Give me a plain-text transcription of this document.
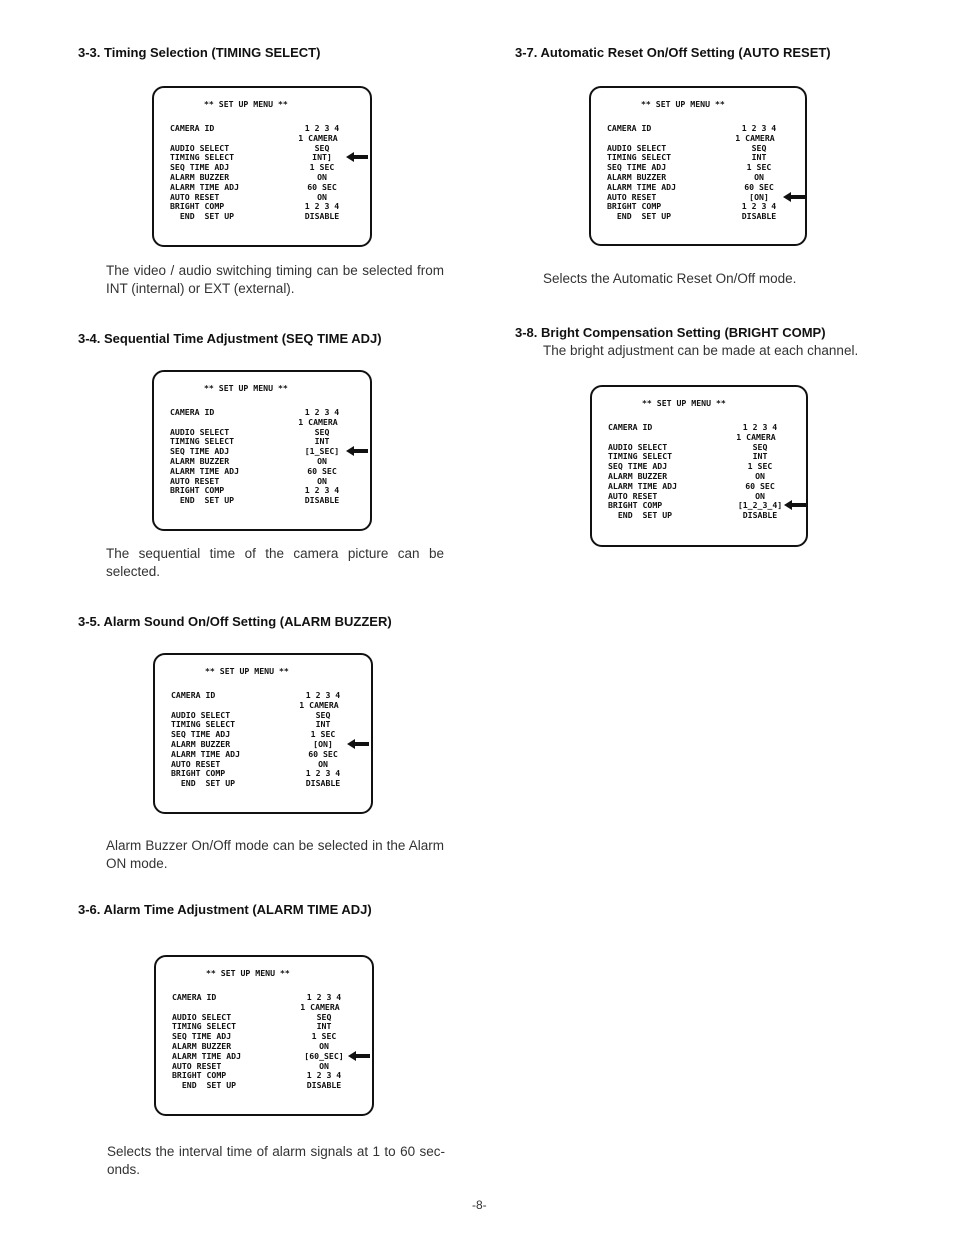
3-3. Timing Selection (TIMING SELECT)
** SET UP MENU **
CAMERA ID	1 2 3 4
1 CAMERA
AUDIO SELECT	SEQ
TIMING SELECT	INT]
SEQ TIME ADJ	1 SEC
ALARM BUZZER	ON
ALARM TIME ADJ	60 SEC
AUTO RESET	ON
BRIGHT COMP	1 2 3 4
END  SET UP	DISABLE
The video / audio switching timing can be selected from INT (internal) or EXT (external).
3-4. Sequential Time Adjustment (SEQ TIME ADJ)
** SET UP MENU **
CAMERA ID	1 2 3 4
1 CAMERA
AUDIO SELECT	SEQ
TIMING SELECT	INT
SEQ TIME ADJ	[1_SEC]
ALARM BUZZER	ON
ALARM TIME ADJ	60 SEC
AUTO RESET	ON
BRIGHT COMP	1 2 3 4
END  SET UP	DISABLE
The sequential time of the camera picture can be selected.
3-5. Alarm Sound On/Off Setting (ALARM BUZZER)
** SET UP MENU **
CAMERA ID	1 2 3 4
1 CAMERA
AUDIO SELECT	SEQ
TIMING SELECT	INT
SEQ TIME ADJ	1 SEC
ALARM BUZZER	[ON]
ALARM TIME ADJ	60 SEC
AUTO RESET	ON
BRIGHT COMP	1 2 3 4
END  SET UP	DISABLE
Alarm Buzzer On/Off mode can be selected in the Alarm ON mode.
3-6. Alarm Time Adjustment (ALARM TIME ADJ)
** SET UP MENU **
CAMERA ID	1 2 3 4
1 CAMERA
AUDIO SELECT	SEQ
TIMING SELECT	INT
SEQ TIME ADJ	1 SEC
ALARM BUZZER	ON
ALARM TIME ADJ	[60_SEC]
AUTO RESET	ON
BRIGHT COMP	1 2 3 4
END  SET UP	DISABLE
Selects the interval time of alarm signals at 1 to 60 sec-onds.
3-7. Automatic Reset On/Off Setting (AUTO RESET)
** SET UP MENU **
CAMERA ID	1 2 3 4
1 CAMERA
AUDIO SELECT	SEQ
TIMING SELECT	INT
SEQ TIME ADJ	1 SEC
ALARM BUZZER	ON
ALARM TIME ADJ	60 SEC
AUTO RESET	[ON]
BRIGHT COMP	1 2 3 4
END  SET UP	DISABLE
Selects the Automatic Reset On/Off mode.
3-8. Bright Compensation Setting (BRIGHT COMP)
The bright adjustment can be made at each channel.
** SET UP MENU **
CAMERA ID	1 2 3 4
1 CAMERA
AUDIO SELECT	SEQ
TIMING SELECT	INT
SEQ TIME ADJ	1 SEC
ALARM BUZZER	ON
ALARM TIME ADJ	60 SEC
AUTO RESET	ON
BRIGHT COMP	[1_2_3_4]
END  SET UP	DISABLE
-8-
